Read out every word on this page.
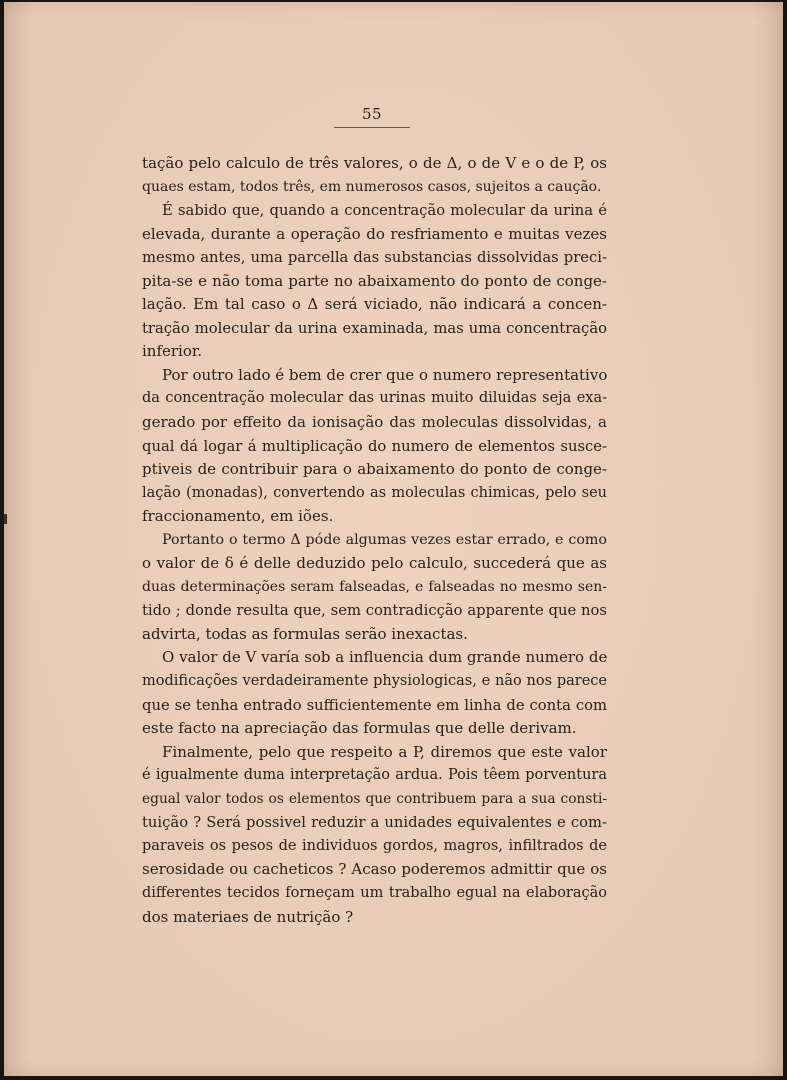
55
tação pelo calculo de três valores, o de Δ, o de V e o de P, os
quaes estam, todos três, em numerosos casos, sujeitos a caução.
É sabido que, quando a concentração molecular da urina é
elevada, durante a operação do resfriamento e muitas vezes
mesmo antes, uma parcella das substancias dissolvidas preci-
pita-se e não toma parte no abaixamento do ponto de conge-
lação. Em tal caso o Δ será viciado, não indicará a concen-
tração molecular da urina examinada, mas uma concentração
inferior.
Por outro lado é bem de crer que o numero representativo
da concentração molecular das urinas muito diluidas seja exa-
gerado por effeito da ionisação das moleculas dissolvidas, a
qual dá logar á multiplicação do numero de elementos susce-
ptiveis de contribuir para o abaixamento do ponto de conge-
lação (monadas), convertendo as moleculas chimicas, pelo seu
fraccionamento, em iões.
Portanto o termo Δ póde algumas vezes estar errado, e como
o valor de δ é delle deduzido pelo calculo, succederá que as
duas determinações seram falseadas, e falseadas no mesmo sen-
tido ; donde resulta que, sem contradicção apparente que nos
advirta, todas as formulas serão inexactas.
O valor de V varía sob a influencia dum grande numero de
modificações verdadeiramente physiologicas, e não nos parece
que se tenha entrado sufficientemente em linha de conta com
este facto na apreciação das formulas que delle derivam.
Finalmente, pelo que respeito a P, diremos que este valor
é igualmente duma interpretação ardua. Pois têem porventura
egual valor todos os elementos que contribuem para a sua consti-
tuição ? Será possivel reduzir a unidades equivalentes e com-
paraveis os pesos de individuos gordos, magros, infiltrados de
serosidade ou cacheticos ? Acaso poderemos admittir que os
differentes tecidos forneçam um trabalho egual na elaboração
dos materiaes de nutrição ?
